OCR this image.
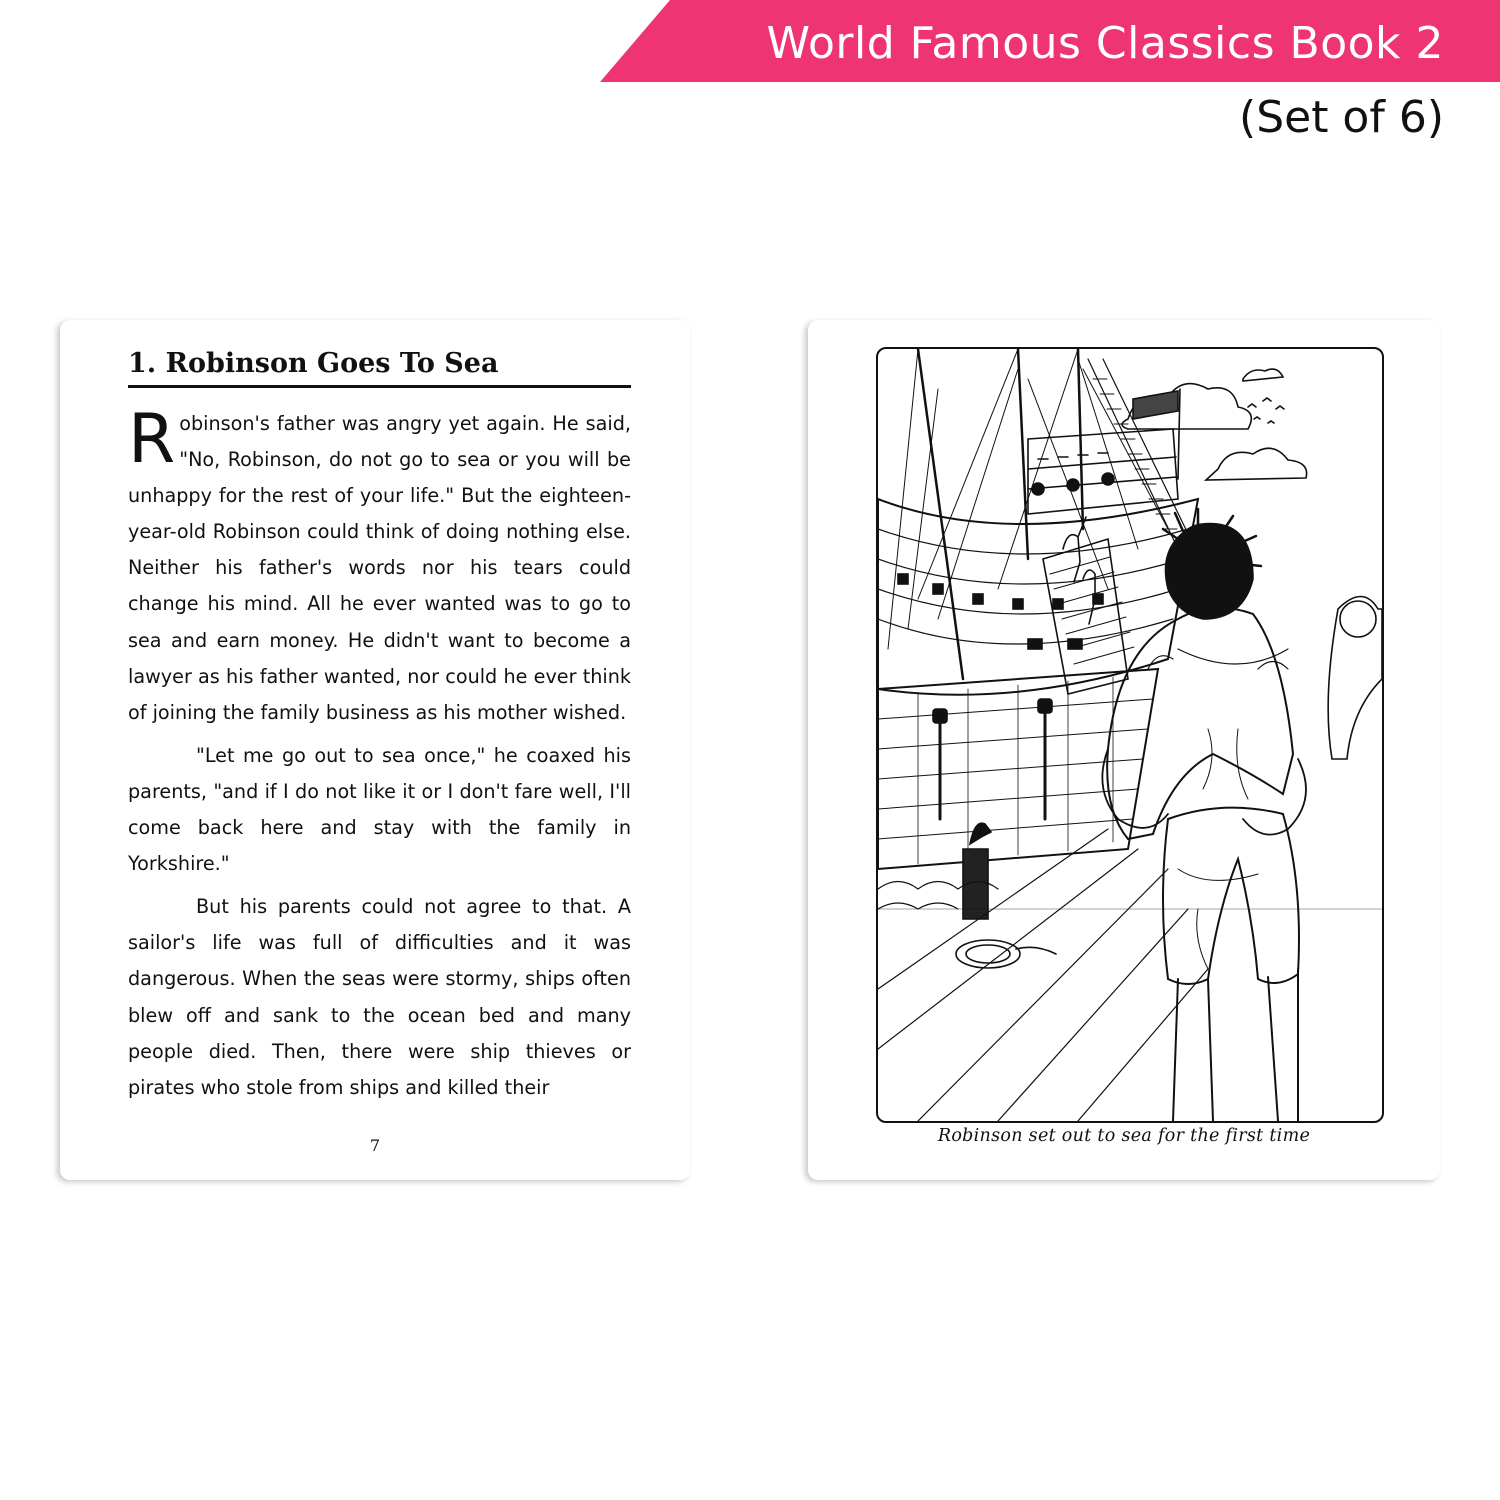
World Famous Classics Book 2
(Set of 6)
1. Robinson Goes To Sea

Robinson's father was angry yet again. He said, "No, Robinson, do not go to sea or you will be unhappy for the rest of your life." But the eighteen-year-old Robinson could think of doing nothing else. Neither his father's words nor his tears could change his mind. All he ever wanted was to go to sea and earn money. He didn't want to become a lawyer as his father wanted, nor could he ever think of joining the family business as his mother wished.

"Let me go out to sea once," he coaxed his parents, "and if I do not like it or I don't fare well, I'll come back here and stay with the family in Yorkshire."

But his parents could not agree to that. A sailor's life was full of difficulties and it was dangerous. When the seas were stormy, ships often blew off and sank to the ocean bed and many people died. Then, there were ship thieves or pirates who stole from ships and killed their

7	Robinson set out to sea for the first time
